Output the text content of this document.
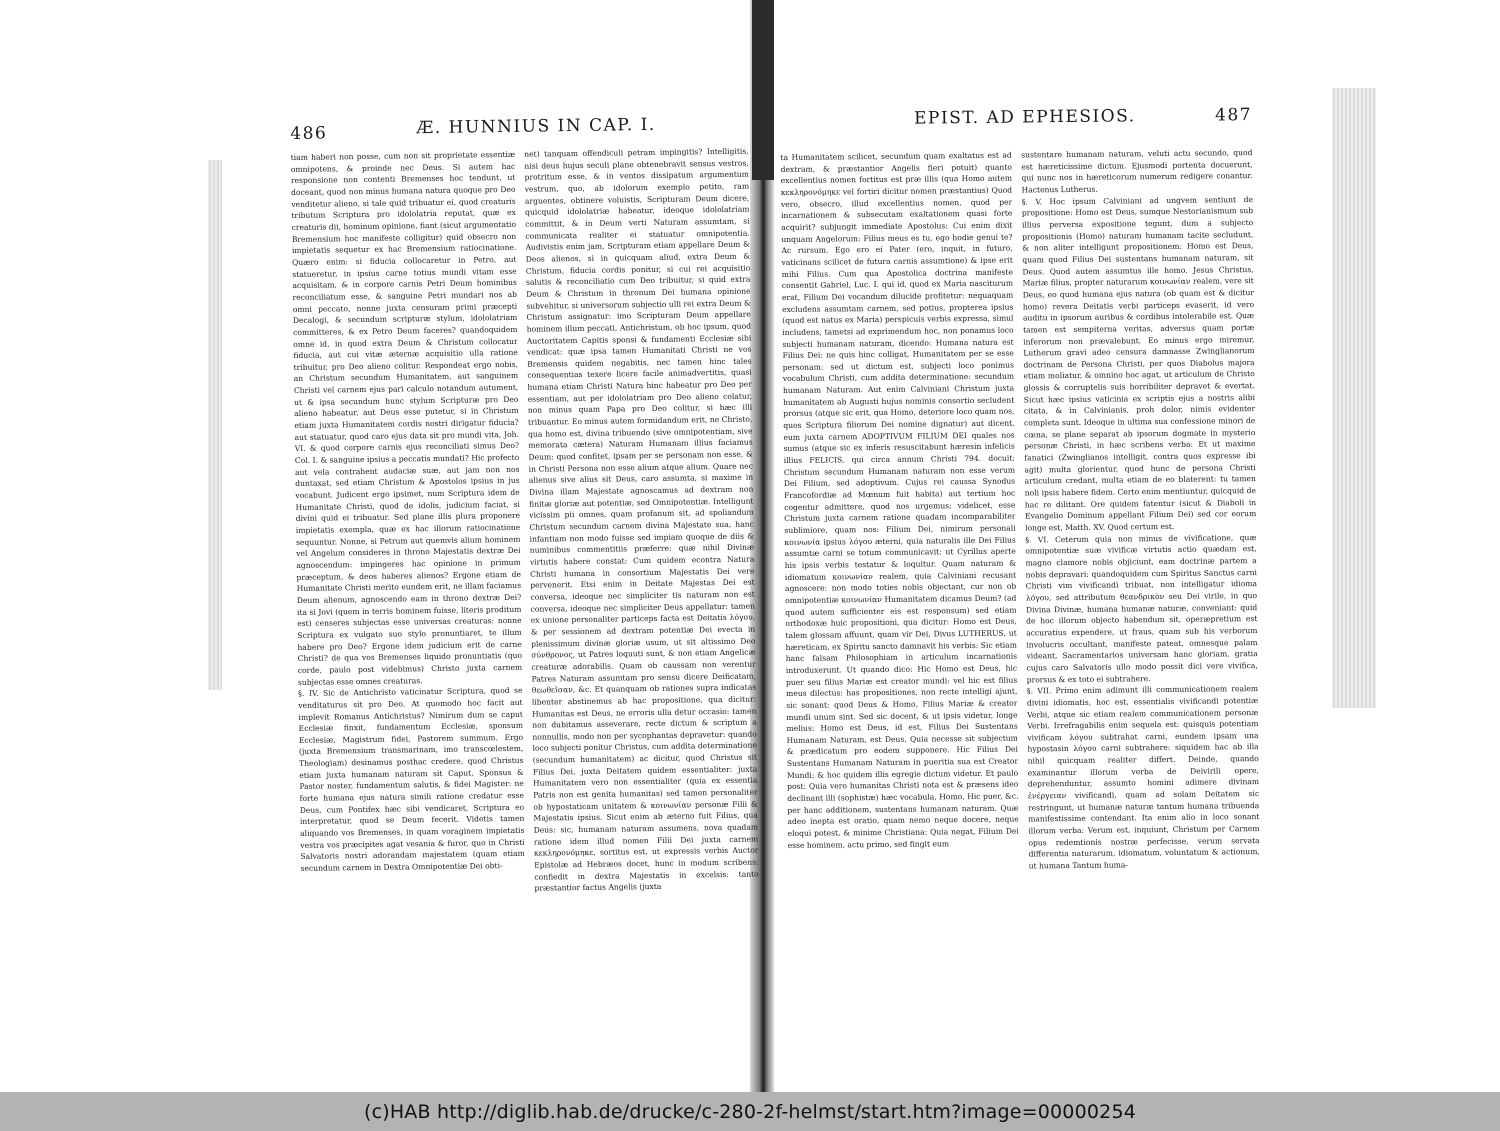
486	Æ. HUNNIUS IN CAP. I.

tiam haberi non posse, cum non sit proprietate essentiæ omnipotens, & proinde nec Deus. Si autem hac responsione non contenti Bremenses hoc tendunt, ut doceant, quod non minus humana natura quoque pro Deo venditetur alieno, si tale quid tribuatur ei, quod creaturis tributum Scriptura pro idololatria reputat, quæ ex creaturis dii, hominum opinione, fiant (sicut argumentatio Bremensium hoc manifeste colligitur) quid obsecro non impietatis sequetur ex hac Bremensium ratiocinatione. Quæro enim: si fiducia collocaretur in Petro, aut statueretur, in ipsius carne totius mundi vitam esse acquisitam, & in corpore carnis Petri Deum hominibus reconciliatum esse, & sanguine Petri mundari nos ab omni peccato, nonne juxta censuram primi præcepti Decalogi, & secundum scripturæ stylum, idololatriam committeres, & ex Petro Deum faceres? quandoquidem omne id, in quod extra Deum & Christum collocatur fiducia, aut cui vitæ æternæ acquisitio ulla ratione tribuitur, pro Deo alieno colitur. Respondeat ergo nobis, an Christum secundum Humanitatem, aut sanguinem Christi vel carnem ejus pari calculo notandum autument, ut & ipsa secundum hunc stylum Scripturæ pro Deo alieno habeatur, aut Deus esse putetur, si in Christum etiam juxta Humanitatem cordis nostri dirigatur fiducia? aut statuatur, quod caro ejus data sit pro mundi vita, Joh. VI. & quod corpore carnis ejus reconciliati simus Deo? Col. I. & sanguine ipsius a peccatis mundati? Hic profecto aut vela contrahent audaciæ suæ, aut jam non nos duntaxat, sed etiam Christum & Apostolos ipsius in jus vocabunt. Judicent ergo ipsimet, num Scriptura idem de Humanitate Christi, quod de idolis, judicium faciat, si divini quid ei tribuatur. Sed plane illis plura proponere impietatis exempla, quæ ex hac illorum ratiocinatione sequuntur. Nonne, si Petrum aut quemvis alium hominem vel Angelum consideres in throno Majestatis dextræ Dei agnoscendum: impingeres hac opinione in primum præceptum, & deos haberes alienos? Ergone etiam de Humanitate Christi merito eundem erit, ne illam faciamus Deum alienum, agnoscendo eam in throno dextræ Dei? ita si Jovi (quem in terris hominem fuisse, literis proditum est) censeres subjectas esse universas creaturas: nonne Scriptura ex vulgato suo stylo pronuntiaret, te illum habere pro Deo? Ergone idem judicium erit de carne Christi? de qua vos Bremenses liquido pronuntiatis (quo corde, paulo post videbimus) Christo juxta carnem subjectas esse omnes creaturas.

§. IV. Sic de Antichristo vaticinatur Scriptura, quod se venditaturus sit pro Deo. At quomodo hoc facit aut implevit Romanus Antichristus? Nimirum dum se caput Ecclesiæ finxit, fundamentum Ecclesiæ, sponsum Ecclesiæ, Magistrum fidei, Pastorem summum. Ergo (juxta Bremensium transmarinam, imo transcœlestem, Theologiam) desinamus posthac credere, quod Christus etiam juxta humanam naturam sit Caput, Sponsus & Pastor noster, fundamentum salutis, & fidei Magister: ne forte humana ejus natura simili ratione credatur esse Deus, cum Pontifex hæc sibi vendicaret, Scriptura eo interpretatur, quod se Deum fecerit. Videtis tamen aliquando vos Bremenses, in quam voraginem impietatis vestra vos præcipites agat vesania & furor, quo in Christi Salvatoris nostri adorandam majestatem (quam etiam secundum carnem in Dextra Omnipotentiæ Dei obti-

net) tanquam offendiculi petram impingitis? Intelligitis, nisi deus hujus seculi plane obtenebravit sensus vestros, protritum esse, & in ventos dissipatum argumentum vestrum, quo, ab idolorum exemplo petito, ram arguentes, obtinere voluistis, Scripturam Deum dicere, quicquid idololatriæ habeatur, ideoque idololatriam committit, & in Deum verti Naturam assumtam, si communicata realiter ei statuatur omnipotentia. Audivistis enim jam, Scripturam etiam appellare Deum & Deos alienos, si in quicquam aliud, extra Deum & Christum, fiducia cordis ponitur, si cui rei acquisitio salutis & reconciliatio cum Deo tribuitur, si quid extra Deum & Christum in thronum Dei humana opinione subvehitur, si universorum subjectio ulli rei extra Deum & Christum assignatur: imo Scripturam Deum appellare hominem illum peccati, Antichristum, ob hoc ipsum, quod Auctoritatem Capitis sponsi & fundamenti Ecclesiæ sibi vendicat: quæ ipsa tamen Humanitati Christi ne vos Bremensis quidem negabitis, nec tamen hinc tales consequentias texere licere facile animadvertitis, quasi humana etiam Christi Natura hinc habeatur pro Deo per essentiam, aut per idololatriam pro Deo alieno colatur, non minus quam Papa pro Deo colitur, si hæc illi tribuantur. Eo minus autem formidandum erit, ne Christo, qua homo est, divina tribuendo (sive omnipotentiam, sive memorata cætera) Naturam Humanam illius faciamus Deum: quod confitet, ipsam per se personam non esse, & in Christi Persona non esse alium atque alium. Quare nec alienus sive alius sit Deus, caro assumta, si maxime in Divina illam Majestate agnoscamus ad dextram non finitæ gloriæ aut potentiæ, sed Omnipotentiæ. Intelligunt vicissim pii omnes, quam profanum sit, ad spoliandum Christum secundum carnem divina Majestate sua, hanc infantiam non modo fuisse sed impiam quoque de diis & numinibus commentitiis præferre: quæ nihil Divinæ virtutis habere constat: Cum quidem econtra Natura Christi humana in consortium Majestatis Dei vere pervenerit. Etsi enim in Deitate Majestas Dei est conversa, ideoque nec simpliciter tis naturam non est conversa, ideoque nec simpliciter Deus appellatur: tamen ex unione personaliter particeps facta est Deitatis λόγου, & per sessionem ad dextram potentiæ Dei evecta in plenissimum divinæ gloriæ usum, ut sit altissimo Deo σύνθρονος, ut Patres loquuti sunt, & non etiam Angelicæ creaturæ adorabilis. Quam ob caussam non verentur Patres Naturam assumtam pro sensu dicere Deificatam, θεωθεῖσαν, &c. Et quanquam ob rationes supra indicatas libenter abstinemus ab hac propositione, qua dicitur: Humanitas est Deus, ne erroris ulla detur occasio: tamen non dubitamus asseverare, recte dictum & scriptum a nonnullis, modo non per sycophantas depravetur: quando loco subjecti ponitur Christus, cum addita determinatione (secundum humanitatem) ac dicitur, quod Christus sit Filius Dei, juxta Deitatem quidem essentialiter: juxta Humanitatem vero non essentialiter (quia ex essentia Patris non est genita humanitas) sed tamen personaliter ob hypostaticam unitatem & κοινωνίαν personæ Filii & Majestatis ipsius. Sicut enim ab æterno fuit Filius, qua Deus: sic, humanam naturam assumens, nova quadam ratione idem illud nomen Filii Dei juxta carnem κεκληρονόμηκε, sortitus est, ut expressis verbis Auctor Epistolæ ad Hebræos docet, hunc in modum scribens: confiedit in dextra Majestatis in excelsis: tanto præstantior factus Angelis (juxta

EPIST. AD EPHESIOS.	487

ta Humanitatem scilicet, secundum quam exaltatus est ad dextram, & præstantior Angelis fieri potuit) quanto excellentius nomen fortitus est præ illis (qua Homo autem κεκληρονόμηκε vel fortiri dicitur nomen præstantius) Quod vero, obsecro, illud excellentius nomen, quod per incarnationem & subsecutam exaltationem quasi forte acquirit? subjungit immediate Apostolus: Cui enim dixit unquam Angelorum: Filius meus es tu, ego hodie genui te? Ac rursum. Ego ero ei Pater (ero, inquit, in futuro, vaticinans scilicet de futura carnis assumtione) & ipse erit mihi Filius. Cum qua Apostolica doctrina manifeste consentit Gabriel, Luc. I. qui id, quod ex Maria nasciturum erat, Filium Dei vocandum dilucide profitetur: nequaquam excludens assumtam carnem, sed potius, propterea ipsius (quod est natus ex Maria) perspicuis verbis expressa, simul includens, tametsi ad exprimendum hoc, non ponamus loco subjecti humanam naturam, dicendo: Humana natura est Filius Dei: ne quis hinc colligat, Humanitatem per se esse personam: sed ut dictum est, subjecti loco ponimus vocabulum Christi, cum addita determinatione: secundum humanam Naturam. Aut enim Calviniani Christum juxta humanitatem ab Augusti hujus nominis consortio secludent prorsus (atque sic erit, qua Homo, deteriore loco quam nos, quos Scriptura filiorum Dei nomine dignatur) aut dicent, eum juxta carnem ADOPTIVUM FILIUM DEI quales nos sumus (atque sic ex inferis resuscitabunt hæresin infelicis illius FELICIS, qui circa annum Christi 794. docuit: Christum secundum Humanam naturam non esse verum Dei Filium, sed adoptivum. Cujus rei caussa Synodus Francofordiæ ad Mœnum fuit habita) aut tertium hoc cogentur admittere, quod nos urgemus; videlicet, esse Christum juxta carnem ratione quadam incomparabiliter sublimiore, quam nos: Filium Dei, nimirum personali κοινωνία ipsius λόγου æterni, quia naturalis ille Dei Filius assumtæ carni se totum communicavit: ut Cyrillus aperte his ipsis verbis testatur & loquitur. Quam naturam & idiomatum κοινωνίαν realem, quia Calviniani recusant agnoscere: non modo toties nobis objectant, cur non ob omnipotentiæ κοινωνίαν Humanitatem dicamus Deum? (ad quod autem sufficienter eis est responsum) sed etiam orthodoxæ huic propositioni, qua dicitur: Homo est Deus, talem glossam affuunt, quam vir Dei, Divus LUTHERUS, ut hæreticam, ex Spiritu sancto damnavit his verbis: Sic etiam hanc falsam Philosophiam in articulum incarnationis introduxerunt. Ut quando dico: Hic Homo est Deus, hic puer seu filius Mariæ est creator mundi: vel hic est filius meus dilectus: has propositiones, non recte intelligi ajunt, sic sonant: quod Deus & Homo, Filius Mariæ & creator mundi unum sint. Sed sic docent, & ut ipsis videtur, longe melius: Homo est Deus, id est, Filius Dei Sustentans Humanam Naturam, est Deus. Quia necesse sit subjectum & prædicatum pro eodem supponere. Hic Filius Dei Sustentans Humanam Naturam in pueritia sua est Creator Mundi: & hoc quidem illis egregie dictum videtur. Et paulo post: Quia vero humanitas Christi nota est & præsens ideo declinant illi (sophistæ) hæc vocabula, Homo, Hic puer, &c. per hanc additionem, sustentans humanam naturam. Quæ adeo inepta est oratio, quam nemo neque docere, neque eloqui potest, & minime Christiana: Quia negat, Filium Dei esse hominem, actu primo, sed fingit eum

sustentare humanam naturam, veluti actu secundo, quod est hæreticissime dictum. Ejusmodi portenta docuerunt, qui nunc nos in hæreticorum numerum redigere conantur. Hactenus Lutherus.

§. V. Hoc ipsum Calviniani ad ungvem sentiunt de propositione: Homo est Deus, sumque Nestorianismum sub illius perversa expositione tegunt, dum a subjecto propositionis (Homo) naturam humanam tacite secludunt, & non aliter intelligunt propositionem: Homo est Deus, quam quod Filius Dei sustentans humanam naturam, sit Deus. Quod autem assumtus ille homo. Jesus Christus, Mariæ filius, propter naturarum κοινωνίαν realem, vere sit Deus, eo quod humana ejus natura (ob quam est & dicitur homo) revera Deitatis verbi particeps evaserit, id vero auditu in ipsorum auribus & cordibus intolerabile est. Quæ tamen est sempiterna veritas, adversus quam portæ inferorum non prævalebunt. Eo minus ergo miremur, Lutherum gravi adeo censura damnasse Zwinglianorum doctrinam de Persona Christi, per quos Diabolus majora etiam moliatur, & omnino hoc agat, ut articulum de Christo glossis & corruptelis suis horribiliter depravet & evertat. Sicut hæc ipsius vaticinia ex scriptis ejus a nostris alibi citata, & in Calvinianis, proh dolor, nimis evidenter completa sunt. Ideoque in ultima sua confessione minori de cœna, se plane separat ab ipsorum dogmate in mysterio personæ Christi, in hæc scribens verba: Et ut maxime fanatici (Zwinglianos intelligit, contra quos expresse ibi agit) multa glorientur, quod hunc de persona Christi articulum credant, multa etiam de eo blaterent: tu tamen noli ipsis habere fidem. Certo enim mentiuntur, quicquid de hac re dilitant. Ore quidem fatentur (sicut & Diaboli in Evangelio Dominum appellant Filium Dei) sed cor eorum longe est, Matth. XV. Quod certum est.

§. VI. Ceterum quia non minus de vivificatione, quæ omnipotentiæ suæ vivificæ virtutis actio quædam est, magno clamore nobis objiciunt, eam doctrinæ partem a nobis depravari: quandoquidem cum Spiritus Sanctus carni Christi vim vivificandi tribuat, non intelligatur idioma λόγου, sed attributum θεανδρικὸν seu Dei virile, in quo Divina Divinæ, humana humanæ naturæ, conveniant: quid de hoc illorum objecto habendum sit, operæpretium est accuratius expendere, ut fraus, quam sub his verborum involucris occultant, manifeste pateat, omnesque palam videant, Sacramentarios universam hanc gloriam, gratia cujus caro Salvatoris ullo modo possit dici vere vivifica, prorsus & ex toto ei subtrahere.

§. VII. Primo enim adimunt illi communicationem realem divini idiomatis, hoc est, essentialis vivificandi potentiæ Verbi, atque sic etiam realem communicationem personæ Verbi. Irrefragabilis enim sequela est: quisquis potentiam vivificam λόγου subtrahat carni, eundem ipsam una hypostasin λόγου carni subtrahere: siquidem hac ab illa nihil quicquam realiter differt. Deinde, quando examinantur illorum verba de Deivirili opere, deprehenduntur, assumto homini adimere divinam ἐνέργειαν vivificandi, quam ad solam Deitatem sic restringunt, ut humanæ naturæ tantum humana tribuenda manifestissime contendant. Ita enim alio in loco sonant illorum verba: Verum est, inquiunt, Christum per Carnem opus redemtionis nostræ perfecisse, verum servata differentia naturarum, idiomatum, voluntatum & actionum, ut humana Tantum huma-

(c)HAB http://diglib.hab.de/drucke/c-280-2f-helmst/start.htm?image=00000254
